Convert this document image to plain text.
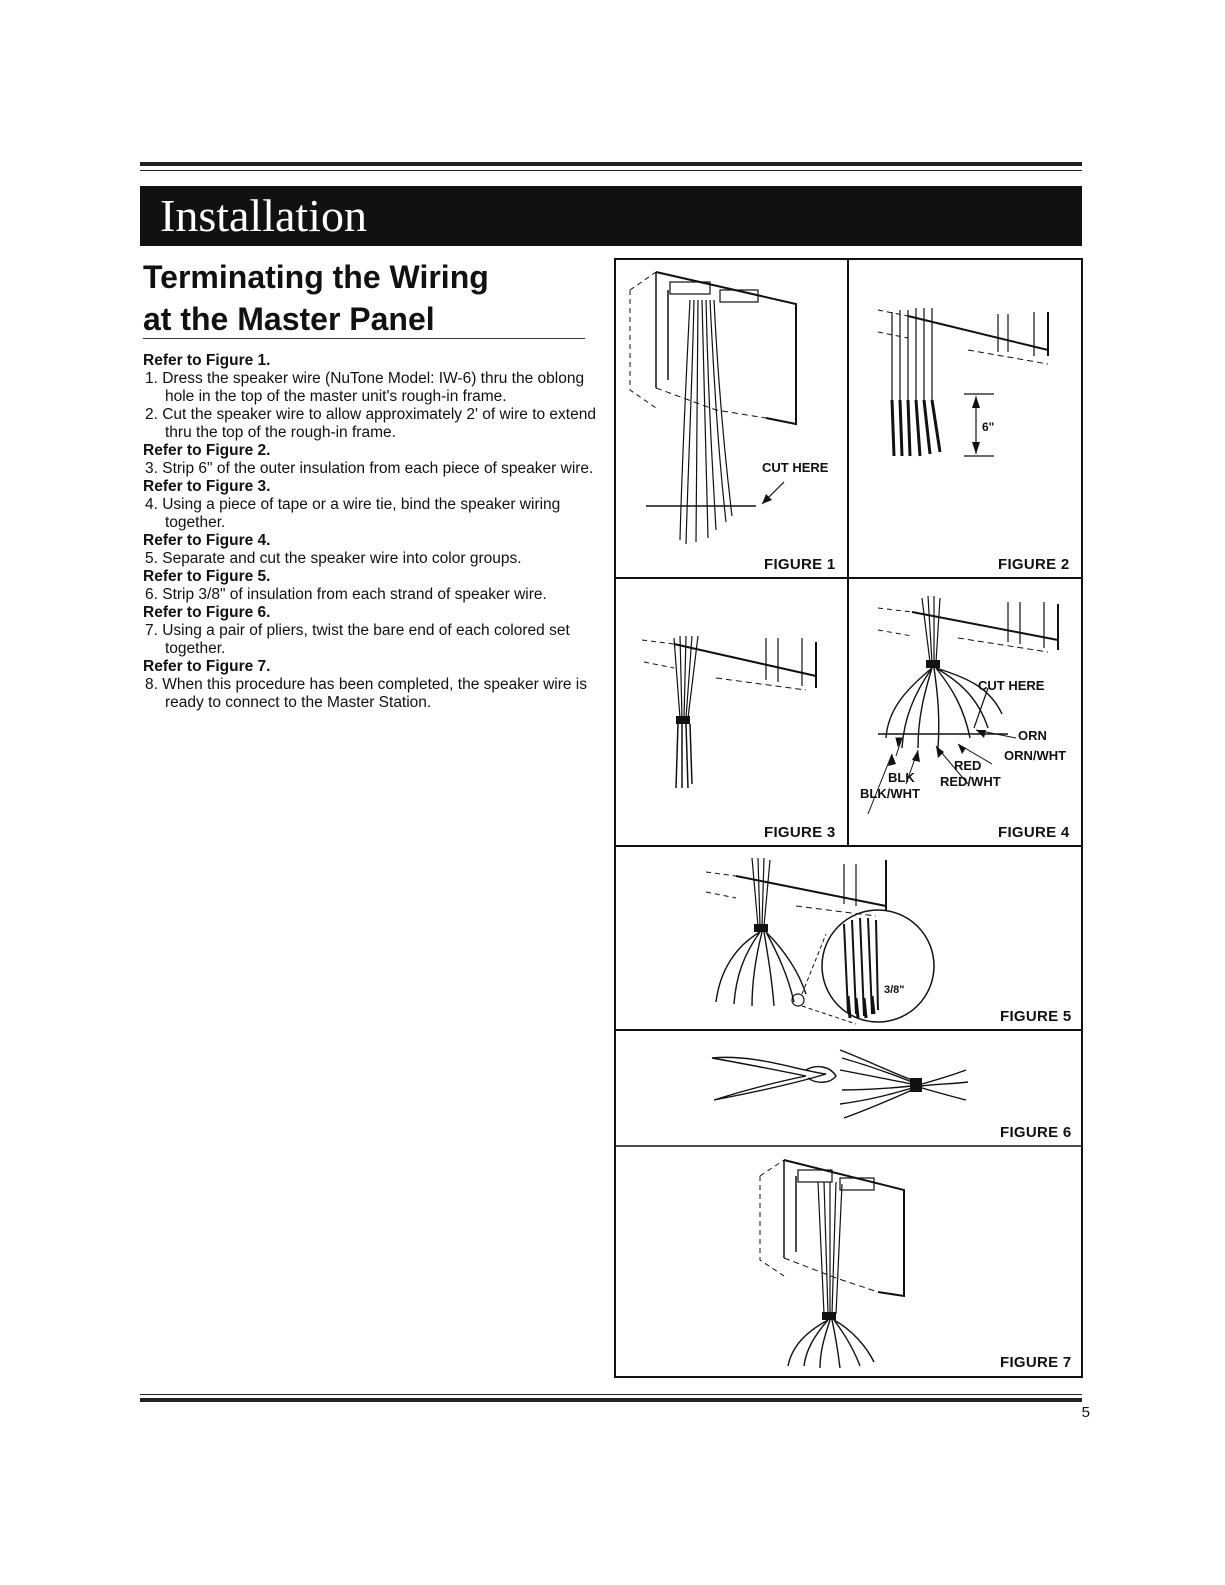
Installation
Terminating the Wiring
at the Master Panel
Refer to Figure 1.
1. Dress the speaker wire (NuTone Model: IW-6) thru the oblong hole in the top of the master unit's rough-in frame.
2. Cut the speaker wire to allow approximately 2' of wire to extend thru the top of the rough-in frame.
Refer to Figure 2.
3. Strip 6" of the outer insulation from each piece of speaker wire.
Refer to Figure 3.
4. Using a piece of tape or a wire tie, bind the speaker wiring together.
Refer to Figure 4.
5. Separate and cut the speaker wire into color groups.
Refer to Figure 5.
6. Strip 3/8" of insulation from each strand of speaker wire.
Refer to Figure 6.
7. Using a pair of pliers, twist the bare end of each colored set together.
Refer to Figure 7.
8. When this procedure has been completed, the speaker wire is ready to connect to the Master Station.
CUT HERE
FIGURE 1
6"
FIGURE 2
FIGURE 3
CUT HERE
ORN
ORN/WHT
RED
RED/WHT
BLK
BLK/WHT
FIGURE 4
3/8"
FIGURE 5
FIGURE 6
FIGURE 7
5
